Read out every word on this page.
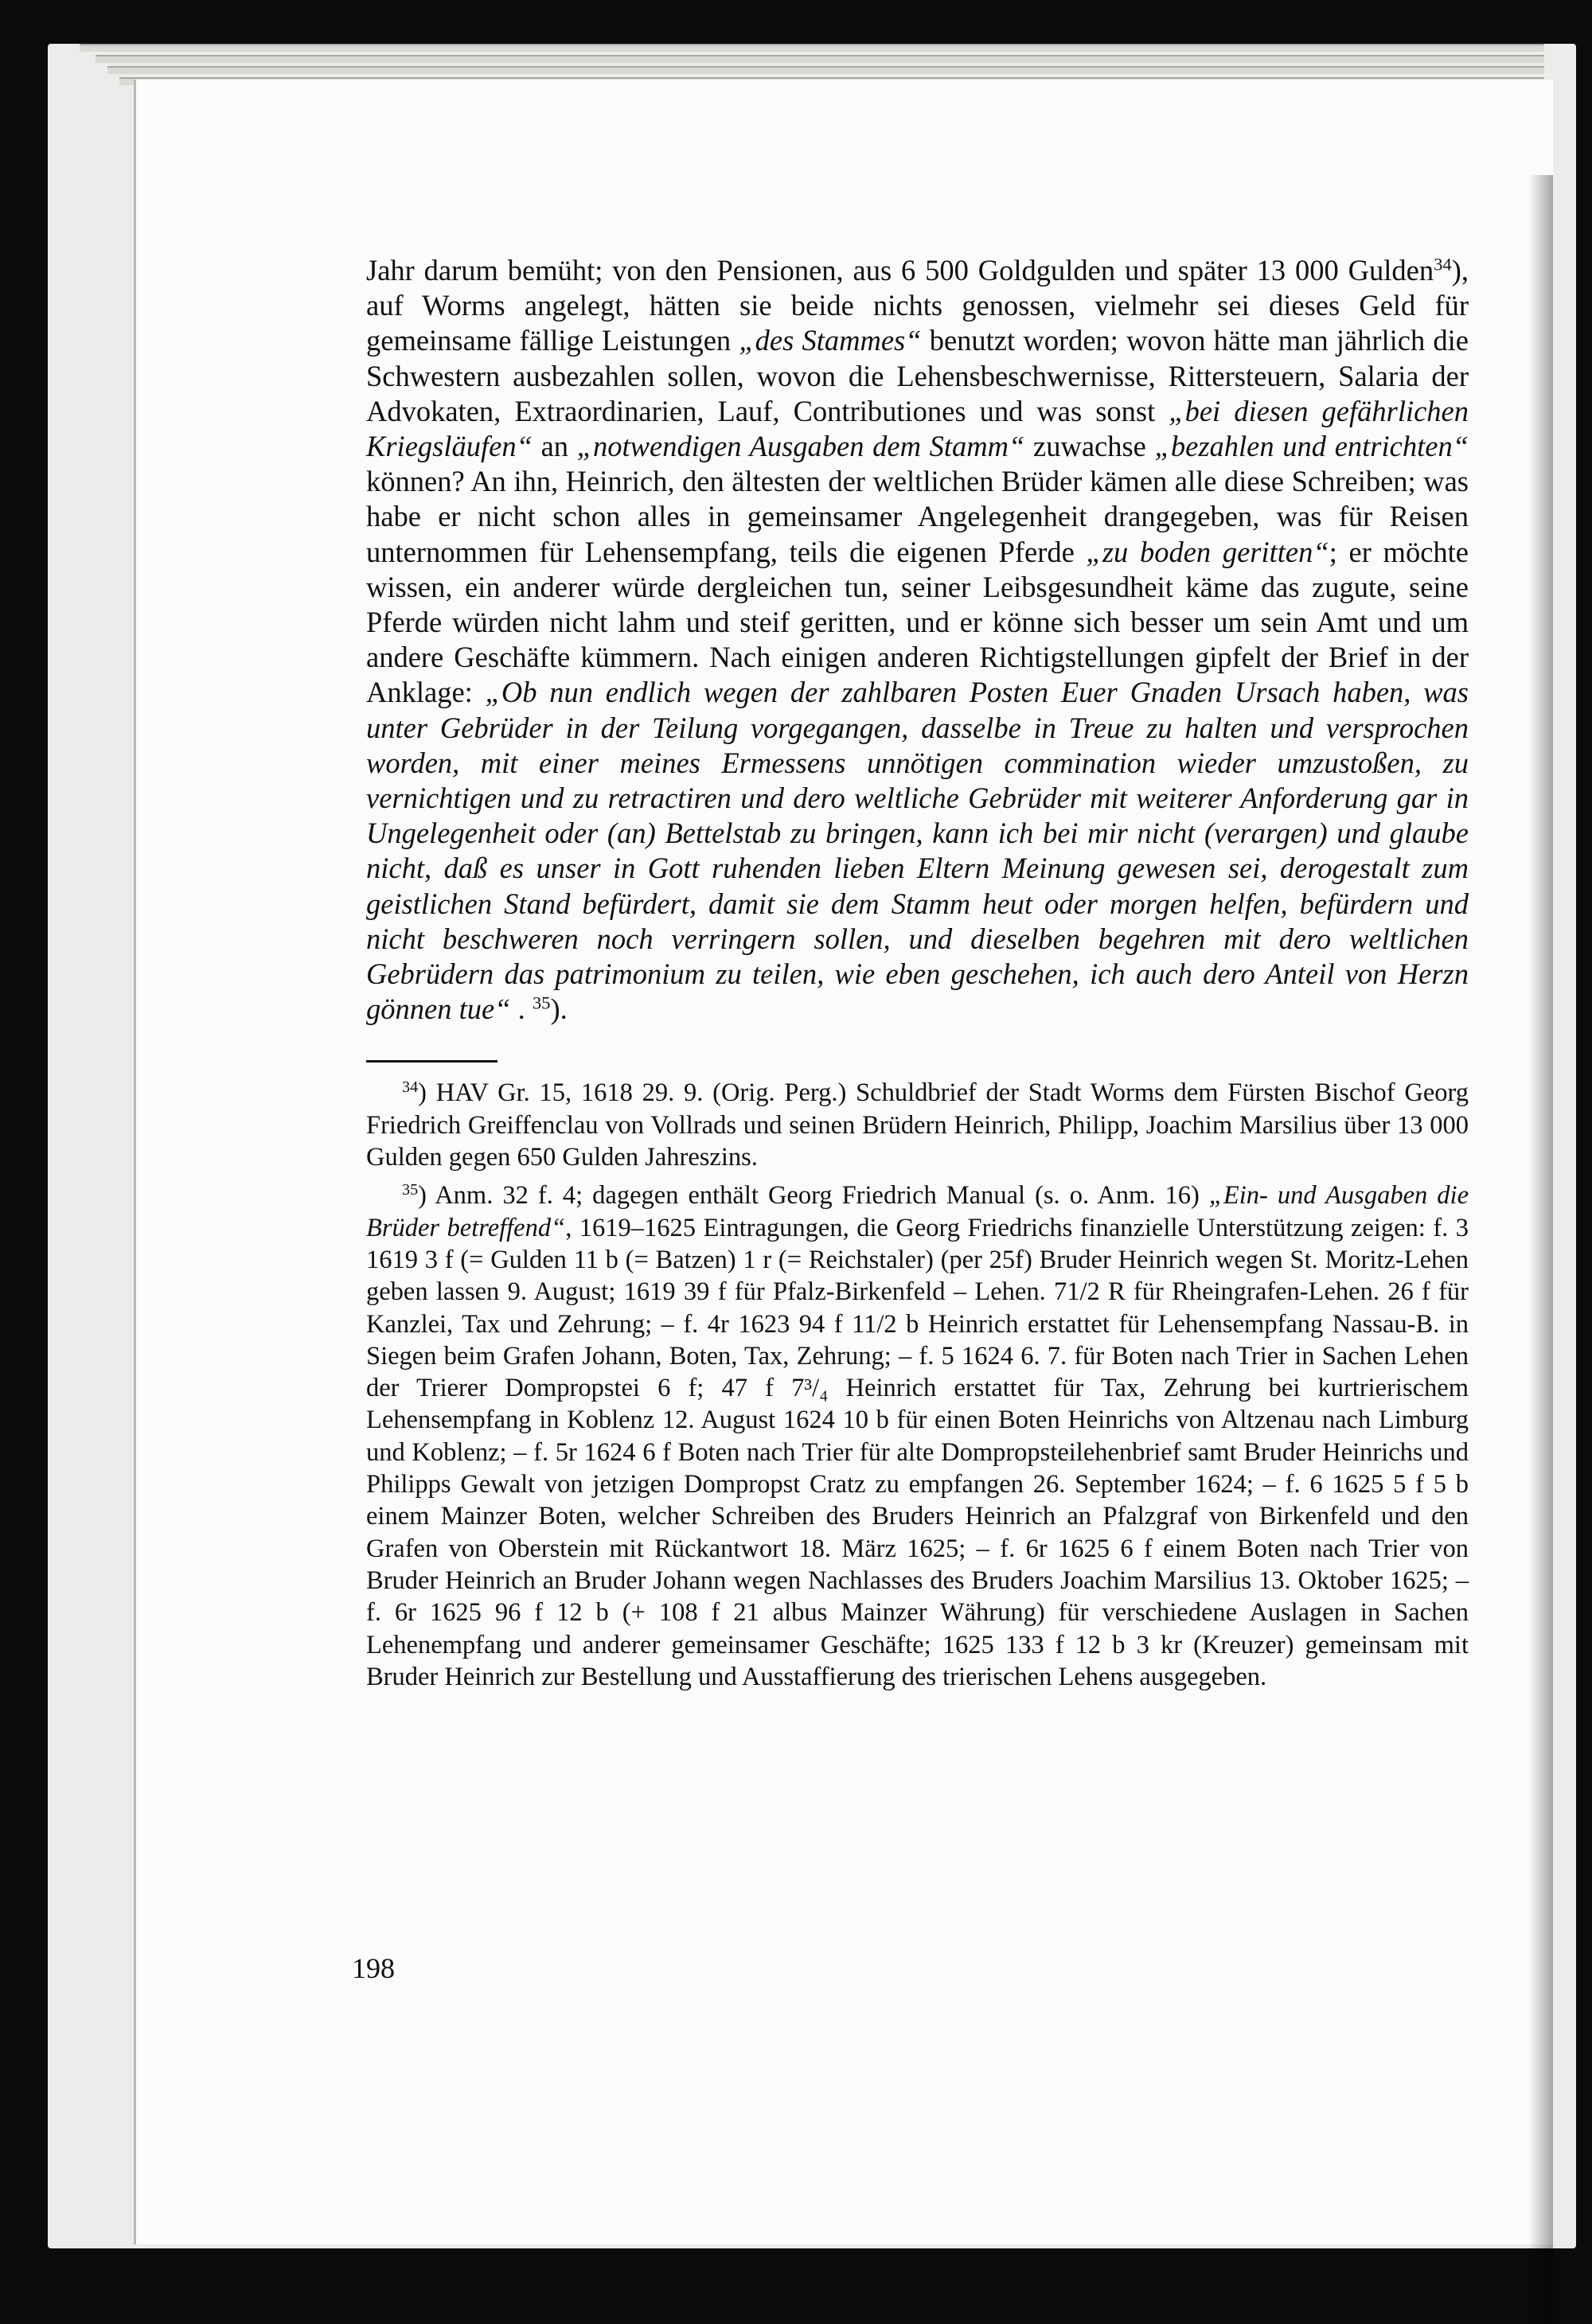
Jahr darum bemüht; von den Pensionen, aus 6 500 Goldgulden und später 13 000 Gulden$^{34}$), auf Worms angelegt, hätten sie beide nichts genossen, vielmehr sei dieses Geld für gemeinsame fällige Leistungen „des Stammes“ benutzt worden; wovon hätte man jährlich die Schwestern ausbezahlen sollen, wovon die Lehensbeschwernisse, Rittersteuern, Salaria der Advokaten, Extraordinarien, Lauf, Contributiones und was sonst „bei diesen gefährlichen Kriegsläufen“ an „notwendigen Ausgaben dem Stamm“ zuwachse „bezahlen und entrichten“ können? An ihn, Heinrich, den ältesten der weltlichen Brüder kämen alle diese Schreiben; was habe er nicht schon alles in gemeinsamer Angelegenheit drangegeben, was für Reisen unternommen für Lehensempfang, teils die eigenen Pferde „zu boden geritten“; er möchte wissen, ein anderer würde dergleichen tun, seiner Leibsgesundheit käme das zugute, seine Pferde würden nicht lahm und steif geritten, und er könne sich besser um sein Amt und um andere Geschäfte kümmern. Nach einigen anderen Richtigstellungen gipfelt der Brief in der Anklage: „Ob nun endlich wegen der zahlbaren Posten Euer Gnaden Ursach haben, was unter Gebrüder in der Teilung vorgegangen, dasselbe in Treue zu halten und versprochen worden, mit einer meines Ermessens unnötigen commination wieder umzustoßen, zu vernichtigen und zu retractiren und dero weltliche Gebrüder mit weiterer Anforderung gar in Ungelegenheit oder (an) Bettelstab zu bringen, kann ich bei mir nicht (verargen) und glaube nicht, daß es unser in Gott ruhenden lieben Eltern Meinung gewesen sei, derogestalt zum geistlichen Stand befürdert, damit sie dem Stamm heut oder morgen helfen, befürdern und nicht beschweren noch verringern sollen, und dieselben begehren mit dero weltlichen Gebrüdern das patrimonium zu teilen, wie eben geschehen, ich auch dero Anteil von Herzn gönnen tue“ . $^{35}$).

$^{34}$) HAV Gr. 15, 1618 29. 9. (Orig. Perg.) Schuldbrief der Stadt Worms dem Fürsten Bischof Georg Friedrich Greiffenclau von Vollrads und seinen Brüdern Heinrich, Philipp, Joachim Marsilius über 13 000 Gulden gegen 650 Gulden Jahreszins.

$^{35}$) Anm. 32 f. 4; dagegen enthält Georg Friedrich Manual (s. o. Anm. 16) „Ein- und Ausgaben die Brüder betreffend“, 1619–1625 Eintragungen, die Georg Friedrichs finanzielle Unterstützung zeigen: f. 3 1619 3 f (= Gulden 11 b (= Batzen) 1 r (= Reichstaler) (per 25f) Bruder Heinrich wegen St. Moritz-Lehen geben lassen 9. August; 1619 39 f für Pfalz-Birkenfeld – Lehen. 71/2 R für Rheingrafen-Lehen. 26 f für Kanzlei, Tax und Zehrung; – f. 4r 1623 94 f 11/2 b Heinrich erstattet für Lehensempfang Nassau-B. in Siegen beim Grafen Johann, Boten, Tax, Zehrung; – f. 5 1624 6. 7. für Boten nach Trier in Sachen Lehen der Trierer Dompropstei 6 f; 47 f 7³/₄ Heinrich erstattet für Tax, Zehrung bei kurtrierischem Lehensempfang in Koblenz 12. August 1624 10 b für einen Boten Heinrichs von Altzenau nach Limburg und Koblenz; – f. 5r 1624 6 f Boten nach Trier für alte Dompropsteilehenbrief samt Bruder Heinrichs und Philipps Gewalt von jetzigen Dompropst Cratz zu empfangen 26. September 1624; – f. 6 1625 5 f 5 b einem Mainzer Boten, welcher Schreiben des Bruders Heinrich an Pfalzgraf von Birkenfeld und den Grafen von Oberstein mit Rückantwort 18. März 1625; – f. 6r 1625 6 f einem Boten nach Trier von Bruder Heinrich an Bruder Johann wegen Nachlasses des Bruders Joachim Marsilius 13. Oktober 1625; – f. 6r 1625 96 f 12 b (+ 108 f 21 albus Mainzer Währung) für verschiedene Auslagen in Sachen Lehenempfang und anderer gemeinsamer Geschäfte; 1625 133 f 12 b 3 kr (Kreuzer) gemeinsam mit Bruder Heinrich zur Bestellung und Ausstaffierung des trierischen Lehens ausgegeben.

198
